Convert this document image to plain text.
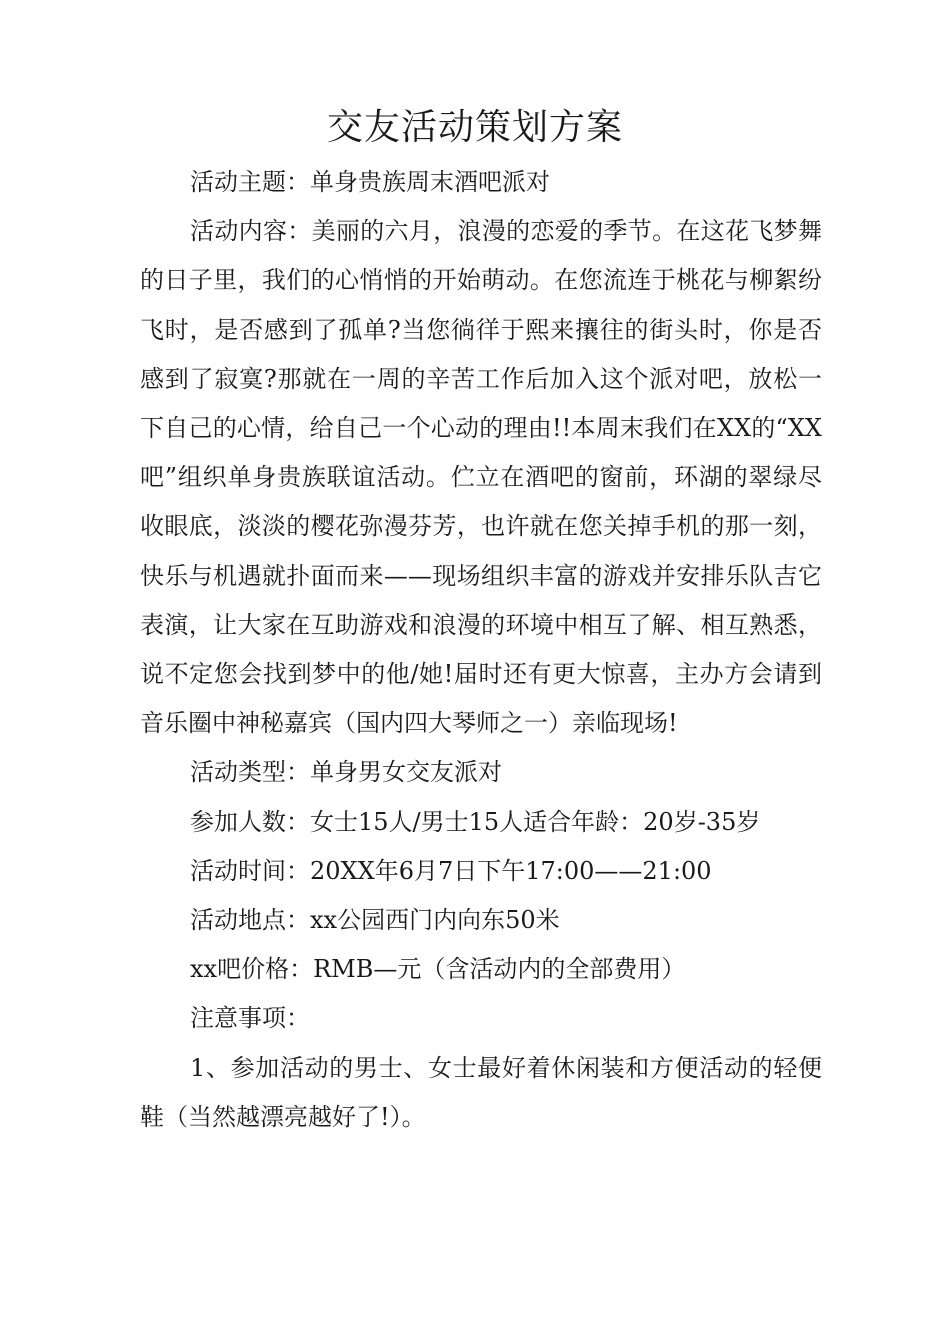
交友活动策划方案

活动主题：单身贵族周末酒吧派对

活动内容：美丽的六月，浪漫的恋爱的季节。在这花飞梦舞的日子里，我们的心悄悄的开始萌动。在您流连于桃花与柳絮纷飞时，是否感到了孤单?当您徜徉于熙来攘往的街头时，你是否感到了寂寞?那就在一周的辛苦工作后加入这个派对吧，放松一下自己的心情，给自己一个心动的理由!!本周末我们在XX的“XX吧”组织单身贵族联谊活动。伫立在酒吧的窗前，环湖的翠绿尽收眼底，淡淡的樱花弥漫芬芳，也许就在您关掉手机的那一刻，快乐与机遇就扑面而来——现场组织丰富的游戏并安排乐队吉它表演，让大家在互助游戏和浪漫的环境中相互了解、相互熟悉，说不定您会找到梦中的他/她!届时还有更大惊喜，主办方会请到音乐圈中神秘嘉宾（国内四大琴师之一）亲临现场!

活动类型：单身男女交友派对

参加人数：女士15人/男士15人适合年龄：20岁-35岁

活动时间：20XX年6月7日下午17:00——21:00

活动地点：xx公园西门内向东50米

xx吧价格：RMB—元（含活动内的全部费用）

注意事项：

1、参加活动的男士、女士最好着休闲装和方便活动的轻便鞋（当然越漂亮越好了!）。
